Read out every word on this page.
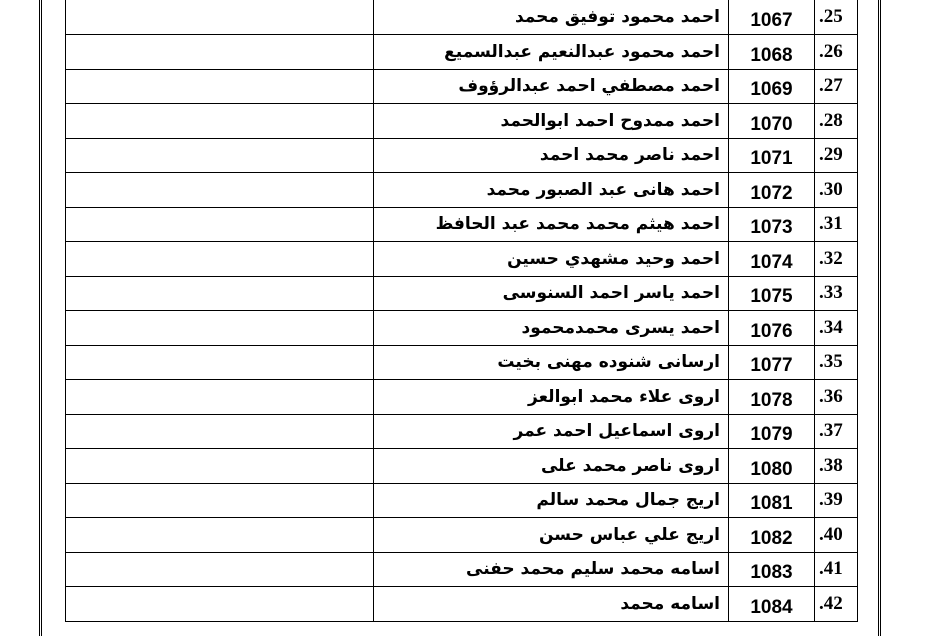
	احمد محمود توفيق محمد	1067	.25
	احمد محمود عبدالنعيم عبدالسميع	1068	.26
	احمد مصطفي احمد عبدالرؤوف	1069	.27
	احمد ممدوح احمد ابوالحمد	1070	.28
	احمد ناصر محمد احمد	1071	.29
	احمد هانى عبد الصبور محمد	1072	.30
	احمد هيثم محمد محمد عبد الحافظ	1073	.31
	احمد وحيد مشهدي حسين	1074	.32
	احمد ياسر احمد السنوسى	1075	.33
	احمد يسرى محمدمحمود	1076	.34
	ارسانى شنوده مهنى بخيت	1077	.35
	اروى علاء محمد ابوالعز	1078	.36
	اروى اسماعيل احمد عمر	1079	.37
	اروى ناصر محمد على	1080	.38
	اريج جمال محمد سالم	1081	.39
	اريج علي عباس حسن	1082	.40
	اسامه محمد سليم محمد حفنى	1083	.41
	اسامه محمد	1084	.42
